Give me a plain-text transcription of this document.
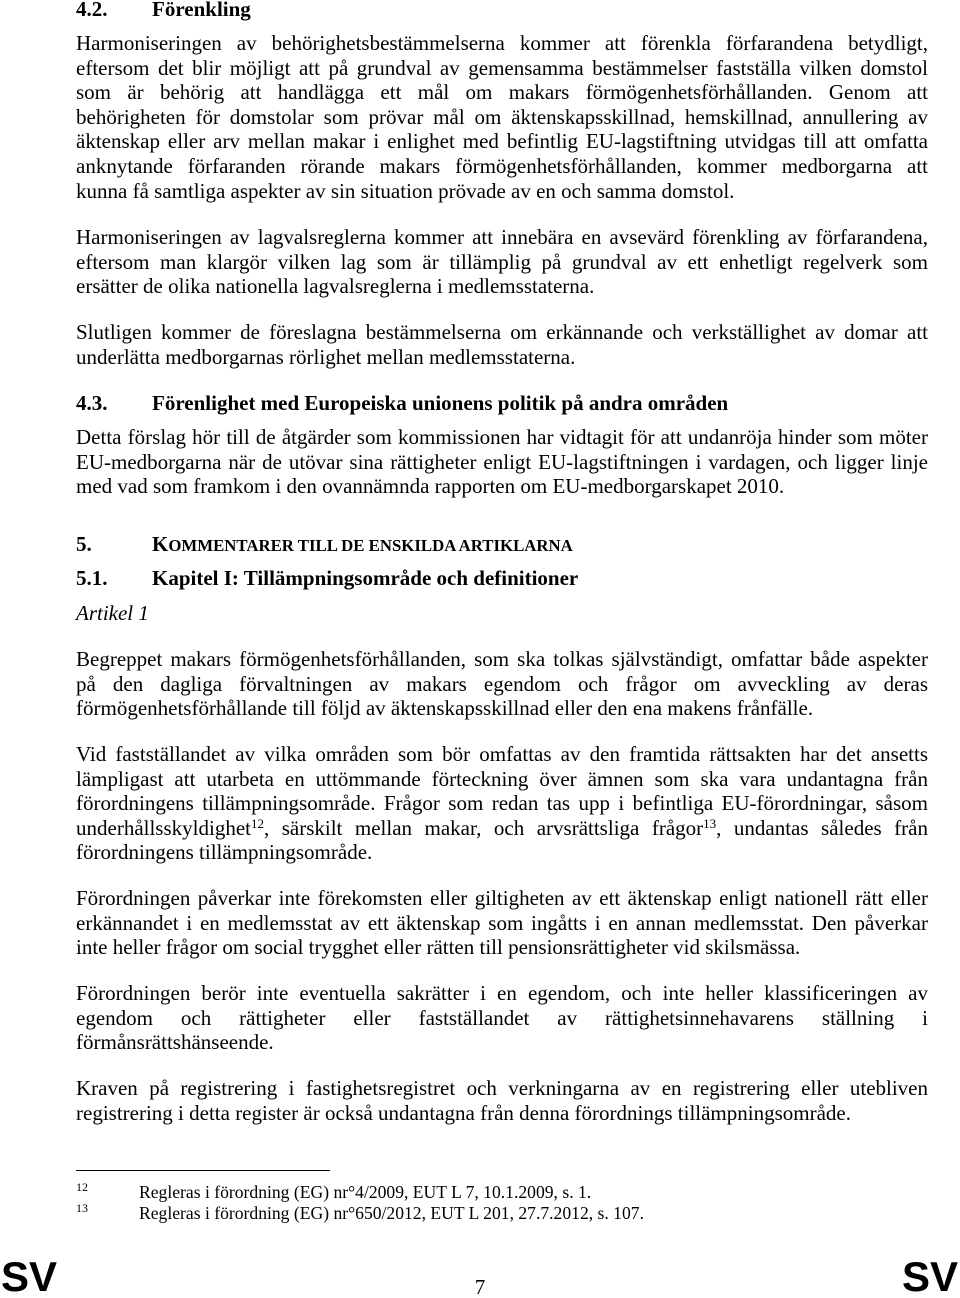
4.2. Förenkling
Harmoniseringen av behörighetsbestämmelserna kommer att förenkla förfarandena betydligt,
eftersom det blir möjligt att på grundval av gemensamma bestämmelser fastställa vilken domstol
som är behörig att handlägga ett mål om makars förmögenhetsförhållanden. Genom att
behörigheten för domstolar som prövar mål om äktenskapsskillnad, hemskillnad, annullering av
äktenskap eller arv mellan makar i enlighet med befintlig EU-lagstiftning utvidgas till att omfatta
anknytande förfaranden rörande makars förmögenhetsförhållanden, kommer medborgarna att
kunna få samtliga aspekter av sin situation prövade av en och samma domstol.
Harmoniseringen av lagvalsreglerna kommer att innebära en avsevärd förenkling av förfarandena,
eftersom man klargör vilken lag som är tillämplig på grundval av ett enhetligt regelverk som
ersätter de olika nationella lagvalsreglerna i medlemsstaterna.
Slutligen kommer de föreslagna bestämmelserna om erkännande och verkställighet av domar att
underlätta medborgarnas rörlighet mellan medlemsstaterna.
4.3. Förenlighet med Europeiska unionens politik på andra områden
Detta förslag hör till de åtgärder som kommissionen har vidtagit för att undanröja hinder som möter
EU-medborgarna när de utövar sina rättigheter enligt EU-lagstiftningen i vardagen, och ligger linje
med vad som framkom i den ovannämnda rapporten om EU-medborgarskapet 2010.
5.	KOMMENTARER TILL DE ENSKILDA ARTIKLARNA
5.1. Kapitel I: Tillämpningsområde och definitioner
Artikel 1
Begreppet makars förmögenhetsförhållanden, som ska tolkas självständigt, omfattar både aspekter
på den dagliga förvaltningen av makars egendom och frågor om avveckling av deras
förmögenhetsförhållande till följd av äktenskapsskillnad eller den ena makens frånfälle.
Vid fastställandet av vilka områden som bör omfattas av den framtida rättsakten har det ansetts
lämpligast att utarbeta en uttömmande förteckning över ämnen som ska vara undantagna från
förordningens tillämpningsområde. Frågor som redan tas upp i befintliga EU-förordningar, såsom
underhållsskyldighet$^{12}$, särskilt mellan makar, och arvsrättsliga frågor$^{13}$, undantas således från
förordningens tillämpningsområde.
Förordningen påverkar inte förekomsten eller giltigheten av ett äktenskap enligt nationell rätt eller
erkännandet i en medlemsstat av ett äktenskap som ingåtts i en annan medlemsstat. Den påverkar
inte heller frågor om social trygghet eller rätten till pensionsrättigheter vid skilsmässa.
Förordningen berör inte eventuella sakrätter i en egendom, och inte heller klassificeringen av
egendom och rättigheter eller fastställandet av rättighetsinnehavarens ställning i
förmånsrättshänseende.
Kraven på registrering i fastighetsregistret och verkningarna av en registrering eller utebliven
registrering i detta register är också undantagna från denna förordnings tillämpningsområde.
12	Regleras i förordning (EG) nr°4/2009, EUT L 7, 10.1.2009, s. 1.
13	Regleras i förordning (EG) nr°650/2012, EUT L 201, 27.7.2012, s. 107.
SV	7	SV
